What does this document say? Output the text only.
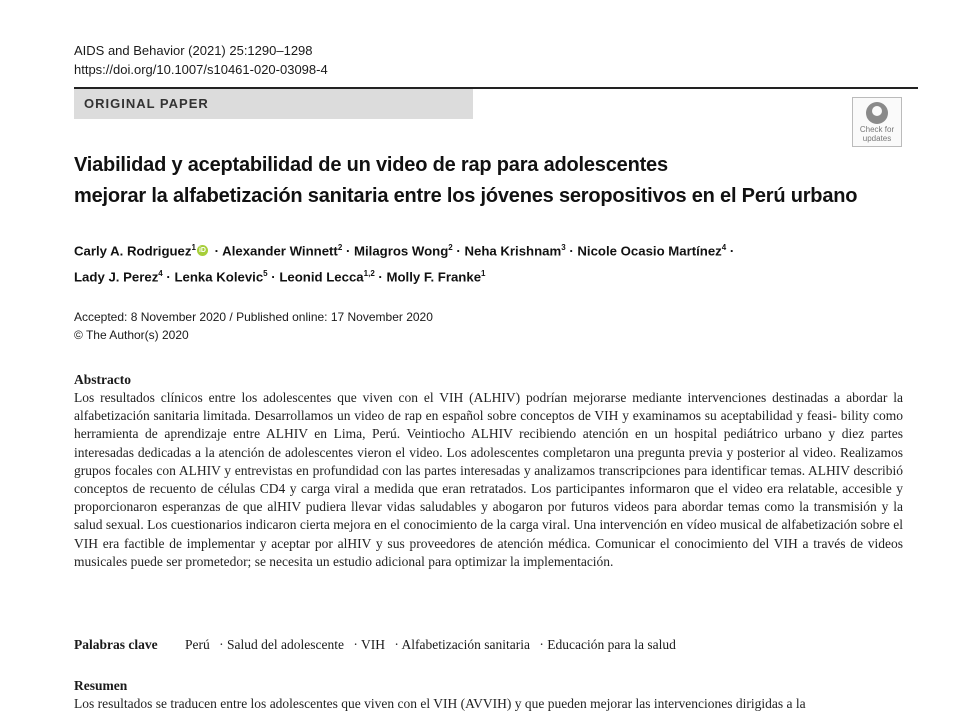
AIDS and Behavior (2021) 25:1290–1298
https://doi.org/10.1007/s10461-020-03098-4
ORIGINAL PAPER
Check for
updates
Viabilidad y aceptabilidad de un video de rap para adolescentes
mejorar la alfabetización sanitaria entre los jóvenes seropositivos en el Perú urbano
Carly A. Rodriguez$^1$ iD · Alexander Winnett$^2$ · Milagros Wong$^2$ · Neha Krishnam$^3$ · Nicole Ocasio Martínez$^4$ ·
Lady J. Perez$^4$ · Lenka Kolevic$^5$ · Leonid Lecca$^{1,2}$ · Molly F. Franke$^1$
Accepted: 8 November 2020 / Published online: 17 November 2020
© The Author(s) 2020
Abstracto
Los resultados clínicos entre los adolescentes que viven con el VIH (ALHIV) podrían mejorarse mediante intervenciones destinadas a abordar la alfabetización sanitaria limitada. Desarrollamos un video de rap en español sobre conceptos de VIH y examinamos su aceptabilidad y feasi- bility como herramienta de aprendizaje entre ALHIV en Lima, Perú. Veintiocho ALHIV recibiendo atención en un hospital pediátrico urbano y diez partes interesadas dedicadas a la atención de adolescentes vieron el video. Los adolescentes completaron una pregunta previa y posterior al video. Realizamos grupos focales con ALHIV y entrevistas en profundidad con las partes interesadas y analizamos transcripciones para identificar temas. ALHIV describió conceptos de recuento de células CD4 y carga viral a medida que eran retratados. Los participantes informaron que el video era relatable, accesible y proporcionaron esperanzas de que alHIV pudiera llevar vidas saludables y abogaron por futuros videos para abordar temas como la transmisión y la salud sexual. Los cuestionarios indicaron cierta mejora en el conocimiento de la carga viral. Una intervención en vídeo musical de alfabetización sobre el VIH era factible de implementar y aceptar por alHIV y sus proveedores de atención médica. Comunicar el conocimiento del VIH a través de videos musicales puede ser prometedor; se necesita un estudio adicional para optimizar la implementación.
Palabras clave Perú · Salud del adolescente · VIH · Alfabetización sanitaria · Educación para la salud
Resumen
Los resultados se traducen entre los adolescentes que viven con el VIH (AVVIH) y que pueden mejorar las intervenciones dirigidas a la
